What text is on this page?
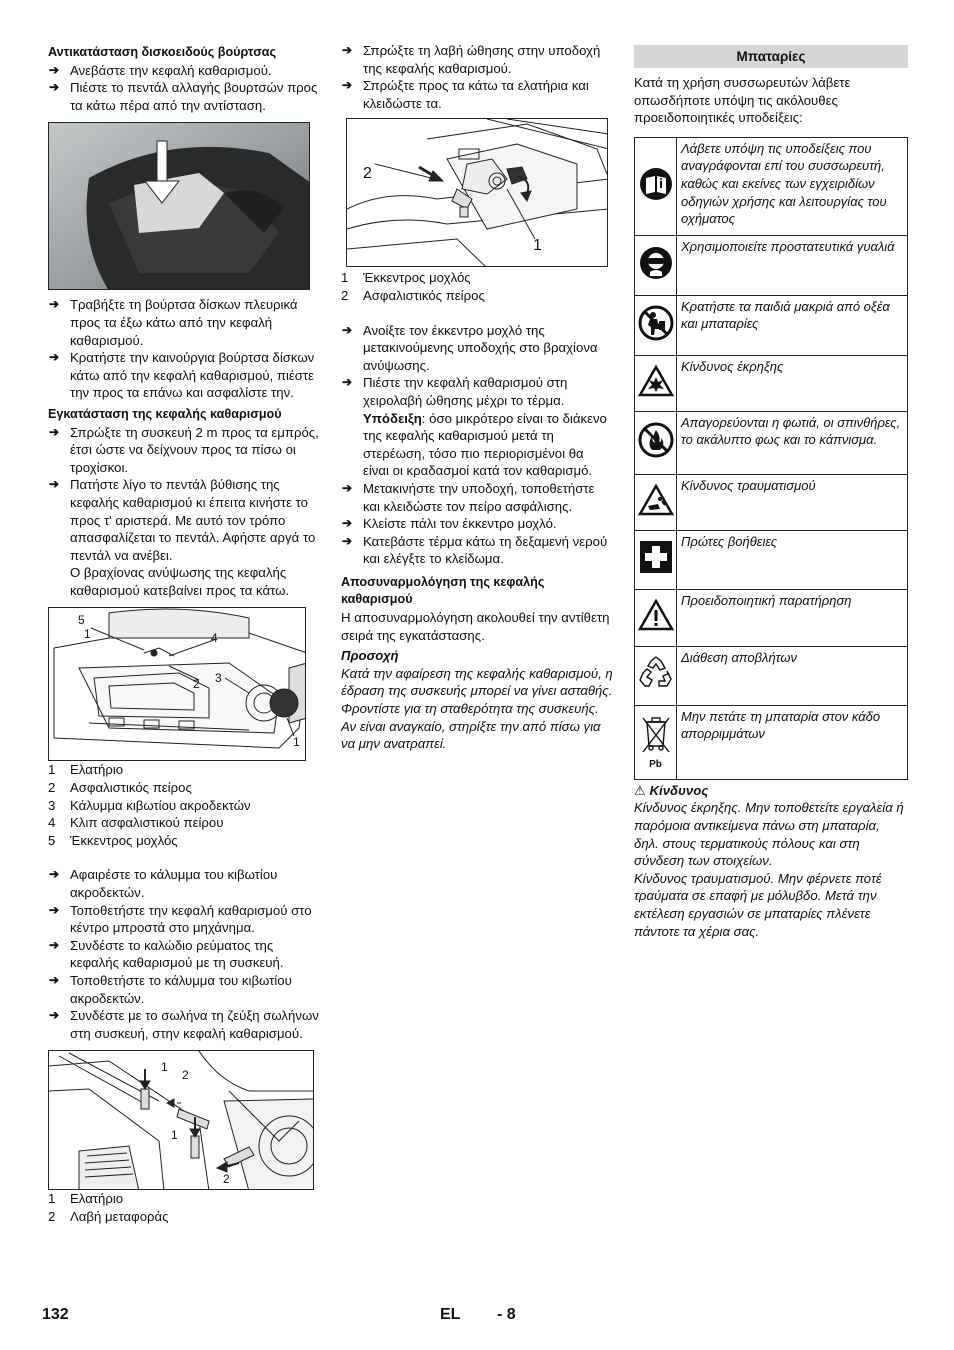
Αντικατάσταση δισκοειδούς βούρτσας
➔ Ανεβάστε την κεφαλή καθαρισμού.
➔ Πιέστε το πεντάλ αλλαγής βουρτσών προς τα κάτω πέρα από την αντίσταση.
➔ Τραβήξτε τη βούρτσα δίσκων πλευρικά προς τα έξω κάτω από την κεφαλή καθαρισμού.
➔ Κρατήστε την καινούργια βούρτσα δίσκων κάτω από την κεφαλή καθαρισμού, πιέστε την προς τα επάνω και ασφαλίστε την.
Εγκατάσταση της κεφαλής καθαρισμού
➔ Σπρώξτε τη συσκευή 2 m προς τα εμπρός, έτσι ώστε να δείχνουν προς τα πίσω οι τροχίσκοι.
➔ Πατήστε λίγο το πεντάλ βύθισης της κεφαλής καθαρισμού κι έπειτα κινήστε το προς τ' αριστερά. Με αυτό τον τρόπο απασφαλίζεται το πεντάλ. Αφήστε αργά το πεντάλ να ανέβει.
Ο βραχίονας ανύψωσης της κεφαλής καθαρισμού κατεβαίνει προς τα κάτω.
5
1	4
2 3
1
1	Ελατήριο
2	Ασφαλιστικός πείρος
3	Κάλυμμα κιβωτίου ακροδεκτών
4	Κλιπ ασφαλιστικού πείρου
5	Έκκεντρος μοχλός
➔ Αφαιρέστε το κάλυμμα του κιβωτίου ακροδεκτών.
➔ Τοποθετήστε την κεφαλή καθαρισμού στο κέντρο μπροστά στο μηχάνημα.
➔ Συνδέστε το καλώδιο ρεύματος της κεφαλής καθαρισμού με τη συσκευή.
➔ Τοποθετήστε το κάλυμμα του κιβωτίου ακροδεκτών.
➔ Συνδέστε με το σωλήνα τη ζεύξη σωλήνων στη συσκευή, στην κεφαλή καθαρισμού.
1
2
1
2
1	Ελατήριο
2	Λαβή μεταφοράς
➔ Σπρώξτε τη λαβή ώθησης στην υποδοχή της κεφαλής καθαρισμού.
➔ Σπρώξτε προς τα κάτω τα ελατήρια και κλειδώστε τα.
2
1
1	Έκκεντρος μοχλός
2	Ασφαλιστικός πείρος
➔ Ανοίξτε τον έκκεντρο μοχλό της μετακινούμενης υποδοχής στο βραχίονα ανύψωσης.
➔ Πιέστε την κεφαλή καθαρισμού στη χειρολαβή ώθησης μέχρι το τέρμα.
Υπόδειξη: όσο μικρότερο είναι το διάκενο της κεφαλής καθαρισμού μετά τη στερέωση, τόσο πιο περιορισμένοι θα είναι οι κραδασμοί κατά τον καθαρισμό.
➔ Μετακινήστε την υποδοχή, τοποθετήστε και κλειδώστε τον πείρο ασφάλισης.
➔ Κλείστε πάλι τον έκκεντρο μοχλό.
➔ Κατεβάστε τέρμα κάτω τη δεξαμενή νερού και ελέγξτε το κλείδωμα.
Αποσυναρμολόγηση της κεφαλής καθαρισμού
Η αποσυναρμολόγηση ακολουθεί την αντίθετη σειρά της εγκατάστασης.
Προσοχή
Κατά την αφαίρεση της κεφαλής καθαρισμού, η έδραση της συσκευής μπορεί να γίνει ασταθής. Φροντίστε για τη σταθερότητα της συσκευής.
Αν είναι αναγκαίο, στηρίξτε την από πίσω για να μην ανατραπεί.
Μπαταρίες
Κατά τη χρήση συσσωρευτών λάβετε οπωσδήποτε υπόψη τις ακόλουθες προειδοποιητικές υποδείξεις:
	Λάβετε υπόψη τις υποδείξεις που αναγράφονται επί του συσσωρευτή, καθώς και εκείνες των εγχειριδίων οδηγιών χρήσης και λειτουργίας του οχήματος
	Χρησιμοποιείτε προστατευτικά γυαλιά
	Κρατήστε τα παιδιά μακριά από οξέα και μπαταρίες
	Κίνδυνος έκρηξης
	Απαγορεύονται η φωτιά, οι σπινθήρες, το ακάλυπτο φως και το κάπνισμα.
	Κίνδυνος τραυματισμού
	Πρώτες βοήθειες
	Προειδοποιητική παρατήρηση
	Διάθεση αποβλήτων

Pb	Μην πετάτε τη μπαταρία στον κάδο απορριμμάτων
⚠ Κίνδυνος
Κίνδυνος έκρηξης. Μην τοποθετείτε εργαλεία ή παρόμοια αντικείμενα πάνω στη μπαταρία, δηλ. στους τερματικούς πόλους και στη σύνδεση των στοιχείων.
Κίνδυνος τραυματισμού. Μην φέρνετε ποτέ τραύματα σε επαφή με μόλυβδο. Μετά την εκτέλεση εργασιών σε μπαταρίες πλένετε πάντοτε τα χέρια σας.
132	EL - 8
